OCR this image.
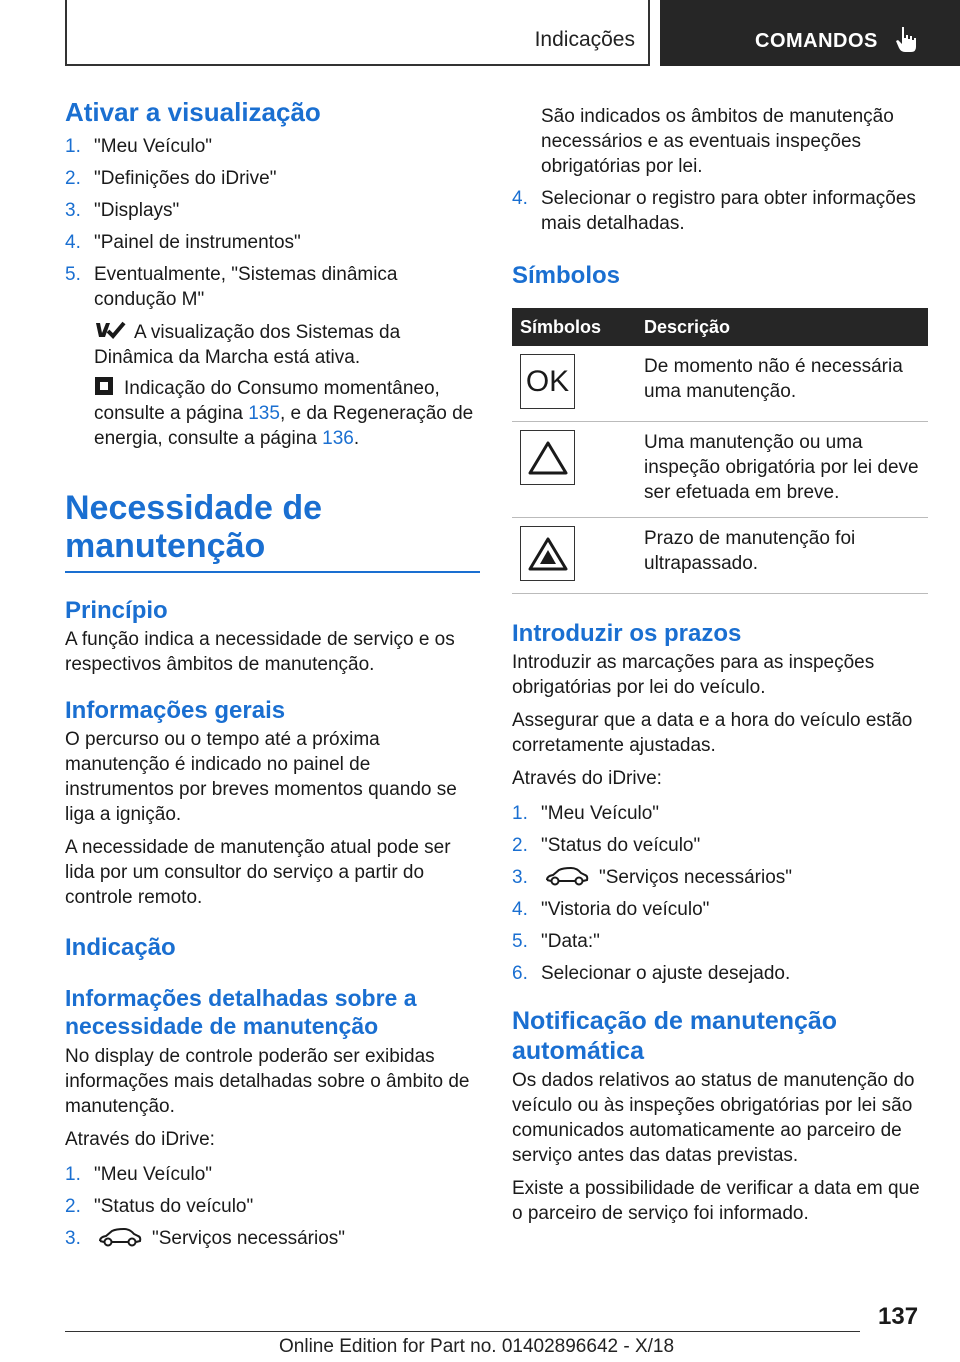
Indicações	COMANDOS
Ativar a visualização
1. "Meu Veículo"
2. "Definições do iDrive"
3. "Displays"
4. "Painel de instrumentos"
5. Eventualmente, "Sistemas dinâmica condução M"

A visualização dos Sistemas da Dinâmica da Marcha está ativa.

Indicação do Consumo momentâneo, consulte a página 135, e da Regeneração de energia, consulte a página 136.

Necessidade de manutenção
Princípio

A função indica a necessidade de serviço e os respectivos âmbitos de manutenção.

Informações gerais

O percurso ou o tempo até a próxima manutenção é indicado no painel de instrumentos por breves momentos quando se liga a ignição.

A necessidade de manutenção atual pode ser lida por um consultor do serviço a partir do controle remoto.

Indicação
Informações detalhadas sobre a necessidade de manutenção

No display de controle poderão ser exibidas informações mais detalhadas sobre o âmbito de manutenção.

Através do iDrive:

1. "Meu Veículo"
2. "Status do veículo"
3.	"Serviços necessários"

São indicados os âmbitos de manutenção necessários e as eventuais inspeções obrigatórias por lei.

4. Selecionar o registro para obter informações mais detalhadas.
Símbolos
Símbolos	Descrição

OK	De momento não é necessária uma manutenção.

	Uma manutenção ou uma inspeção obrigatória por lei deve ser efetuada em breve.

	Prazo de manutenção foi ultrapassado.
Introduzir os prazos

Introduzir as marcações para as inspeções obrigatórias por lei do veículo.

Assegurar que a data e a hora do veículo estão corretamente ajustadas.

Através do iDrive:

1. "Meu Veículo"
2. "Status do veículo"
3.	"Serviços necessários"
4. "Vistoria do veículo"
5. "Data:"
6. Selecionar o ajuste desejado.
Notificação de manutenção automática

Os dados relativos ao status de manutenção do veículo ou às inspeções obrigatórias por lei são comunicados automaticamente ao parceiro de serviço antes das datas previstas.

Existe a possibilidade de verificar a data em que o parceiro de serviço foi informado.

137
Online Edition for Part no. 01402896642 - X/18
